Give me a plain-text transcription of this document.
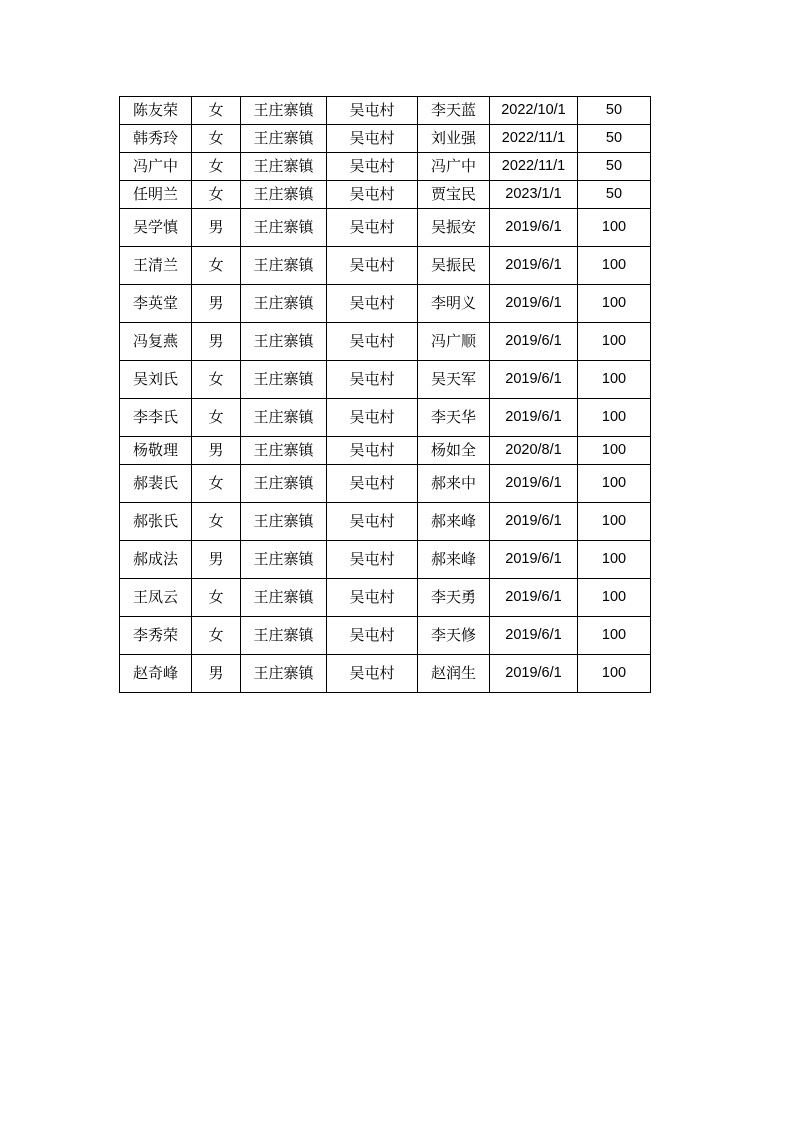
陈友荣	女	王庄寨镇	吴屯村	李天蓝	2022/10/1	50
韩秀玲	女	王庄寨镇	吴屯村	刘业强	2022/11/1	50
冯广中	女	王庄寨镇	吴屯村	冯广中	2022/11/1	50
任明兰	女	王庄寨镇	吴屯村	贾宝民	2023/1/1	50
吴学慎	男	王庄寨镇	吴屯村	吴振安	2019/6/1	100
王清兰	女	王庄寨镇	吴屯村	吴振民	2019/6/1	100
李英堂	男	王庄寨镇	吴屯村	李明义	2019/6/1	100
冯复燕	男	王庄寨镇	吴屯村	冯广顺	2019/6/1	100
吴刘氏	女	王庄寨镇	吴屯村	吴天军	2019/6/1	100
李李氏	女	王庄寨镇	吴屯村	李天华	2019/6/1	100
杨敬理	男	王庄寨镇	吴屯村	杨如全	2020/8/1	100
郝裴氏	女	王庄寨镇	吴屯村	郝来中	2019/6/1	100
郝张氏	女	王庄寨镇	吴屯村	郝来峰	2019/6/1	100
郝成法	男	王庄寨镇	吴屯村	郝来峰	2019/6/1	100
王凤云	女	王庄寨镇	吴屯村	李天勇	2019/6/1	100
李秀荣	女	王庄寨镇	吴屯村	李天修	2019/6/1	100
赵奇峰	男	王庄寨镇	吴屯村	赵润生	2019/6/1	100
